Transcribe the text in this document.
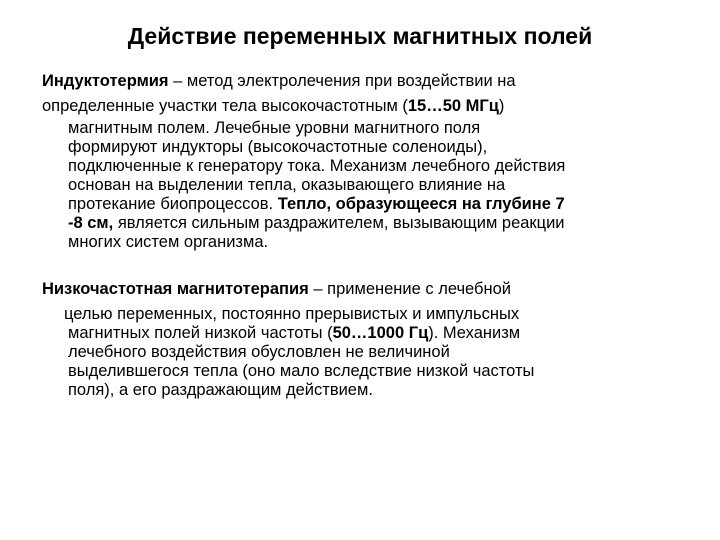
Действие переменных магнитных полей
Индуктотермия – метод электролечения при воздействии на
определенные участки тела высокочастотным (15…50 МГц)
магнитным полем. Лечебные уровни магнитного поля
формируют индукторы (высокочастотные соленоиды),
подключенные к генератору тока. Механизм лечебного действия
основан на выделении тепла, оказывающего влияние на
протекание биопроцессов. Тепло, образующееся на глубине 7
-8 см, является сильным раздражителем, вызывающим реакции
многих систем организма.
Низкочастотная магнитотерапия – применение с лечебной
целью переменных, постоянно прерывистых и импульсных
магнитных полей низкой частоты (50…1000 Гц). Механизм
лечебного воздействия обусловлен не величиной
выделившегося тепла (оно мало вследствие низкой частоты
поля), а его раздражающим действием.
